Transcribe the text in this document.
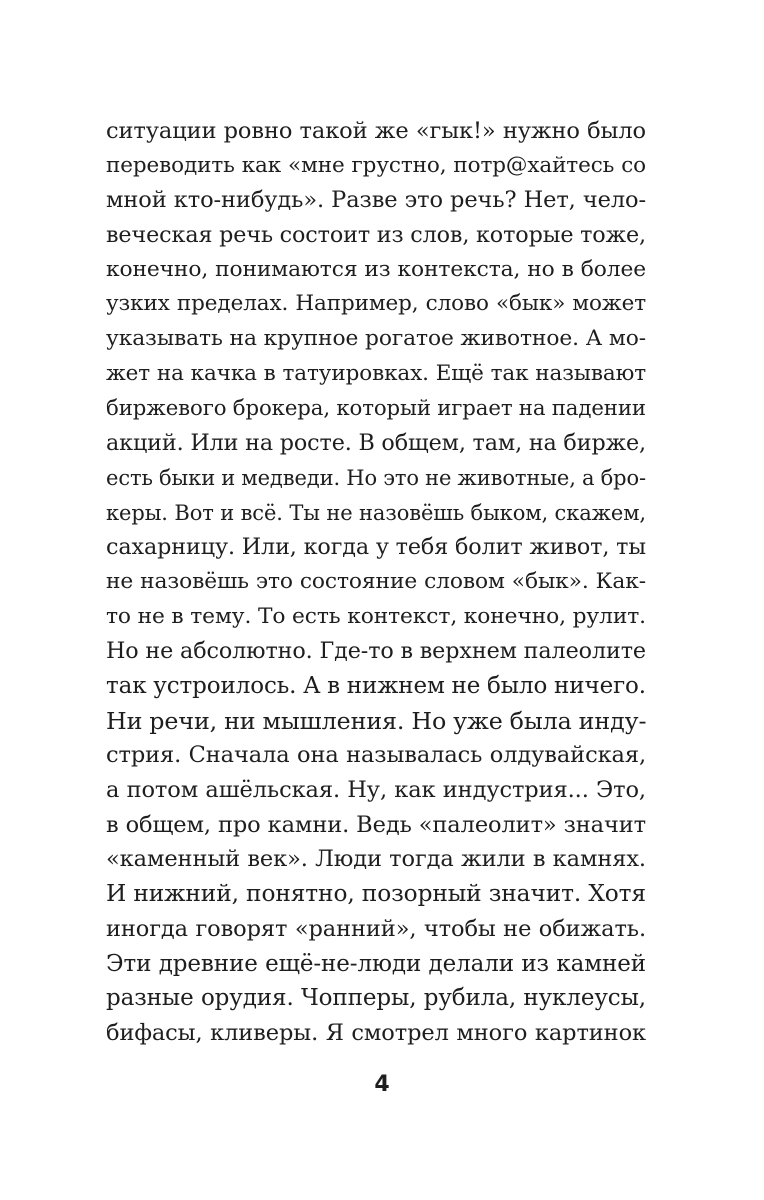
ситуации ровно такой же «гык!» нужно было
переводить как «мне грустно, потр@хайтесь со
мной кто-нибудь». Разве это речь? Нет, чело-
веческая речь состоит из слов, которые тоже,
конечно, понимаются из контекста, но в более
узких пределах. Например, слово «бык» может
указывать на крупное рогатое животное. А мо-
жет на качка в татуировках. Ещё так называют
биржевого брокера, который играет на падении
акций. Или на росте. В общем, там, на бирже,
есть быки и медведи. Но это не животные, а бро-
керы. Вот и всё. Ты не назовёшь быком, скажем,
сахарницу. Или, когда у тебя болит живот, ты
не назовёшь это состояние словом «бык». Как-
то не в тему. То есть контекст, конечно, рулит.
Но не абсолютно. Где-то в верхнем палеолите
так устроилось. А в нижнем не было ничего.
Ни речи, ни мышления. Но уже была инду-
стрия. Сначала она называлась олдувайская,
а потом ашёльская. Ну, как индустрия... Это,
в общем, про камни. Ведь «палеолит» значит
«каменный век». Люди тогда жили в камнях.
И нижний, понятно, позорный значит. Хотя
иногда говорят «ранний», чтобы не обижать.
Эти древние ещё-не-люди делали из камней
разные орудия. Чопперы, рубила, нуклеусы,
бифасы, кливеры. Я смотрел много картинок
4
